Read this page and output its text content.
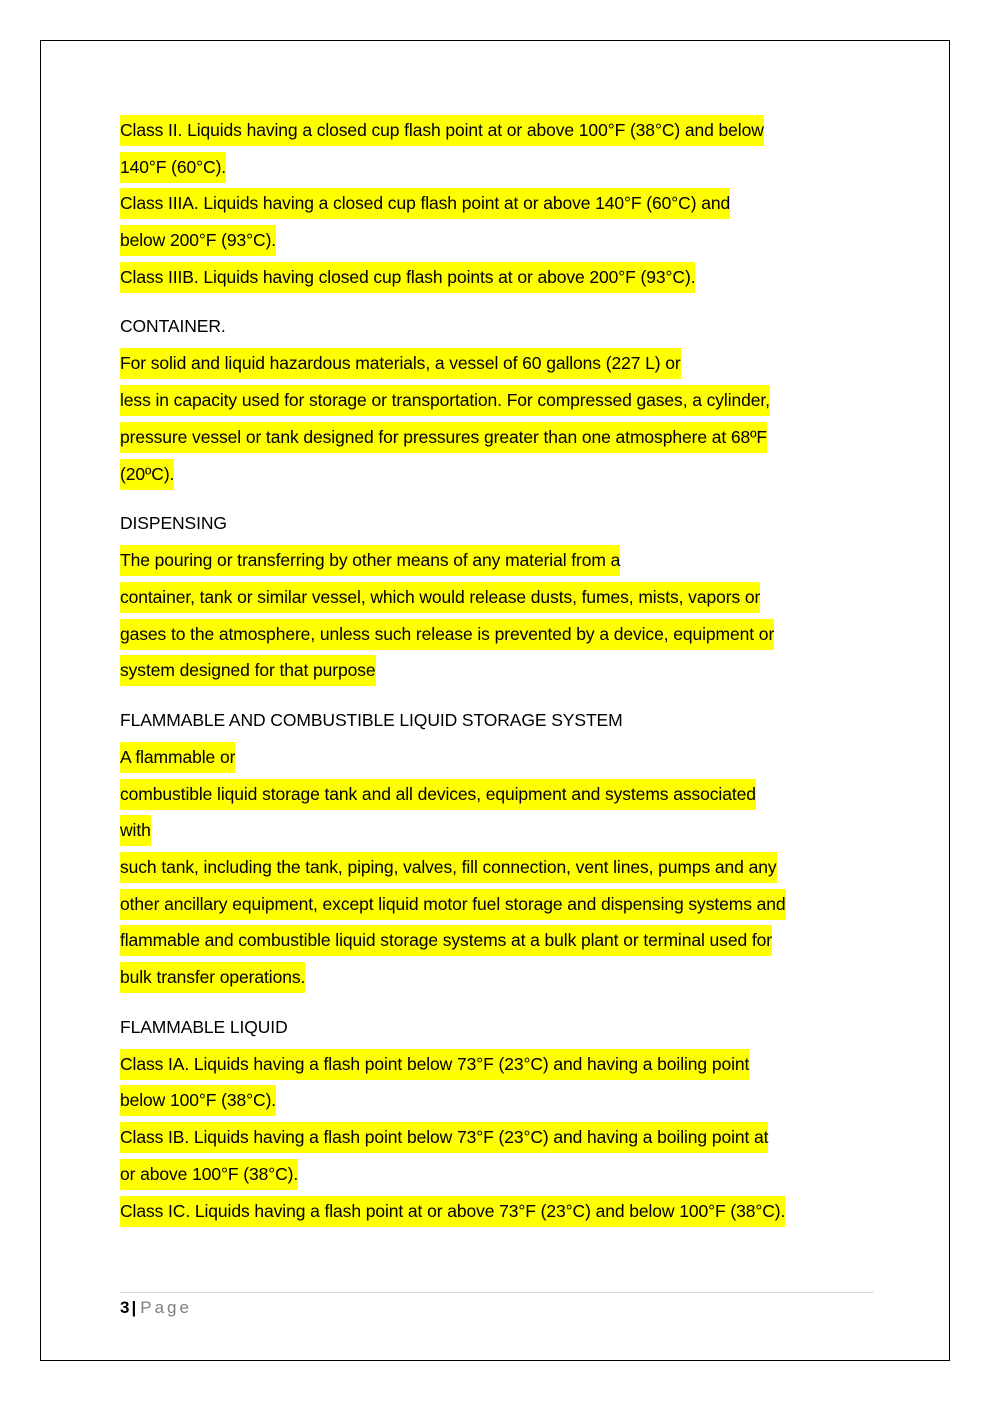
Class II. Liquids having a closed cup flash point at or above 100°F (38°C) and below
140°F (60°C).
Class IIIA. Liquids having a closed cup flash point at or above 140°F (60°C) and
below 200°F (93°C).
Class IIIB. Liquids having closed cup flash points at or above 200°F (93°C).
CONTAINER.
For solid and liquid hazardous materials, a vessel of 60 gallons (227 L) or
less in capacity used for storage or transportation. For compressed gases, a cylinder,
pressure vessel or tank designed for pressures greater than one atmosphere at 68ºF
(20ºC).
DISPENSING
The pouring or transferring by other means of any material from a
container, tank or similar vessel, which would release dusts, fumes, mists, vapors or
gases to the atmosphere, unless such release is prevented by a device, equipment or
system designed for that purpose
FLAMMABLE AND COMBUSTIBLE LIQUID STORAGE SYSTEM
A flammable or
combustible liquid storage tank and all devices, equipment and systems associated
with
such tank, including the tank, piping, valves, fill connection, vent lines, pumps and any
other ancillary equipment, except liquid motor fuel storage and dispensing systems and
flammable and combustible liquid storage systems at a bulk plant or terminal used for
bulk transfer operations.
FLAMMABLE LIQUID
Class IA. Liquids having a flash point below 73°F (23°C) and having a boiling point
below 100°F (38°C).
Class IB. Liquids having a flash point below 73°F (23°C) and having a boiling point at
or above 100°F (38°C).
Class IC. Liquids having a flash point at or above 73°F (23°C) and below 100°F (38°C).
3 | Page
